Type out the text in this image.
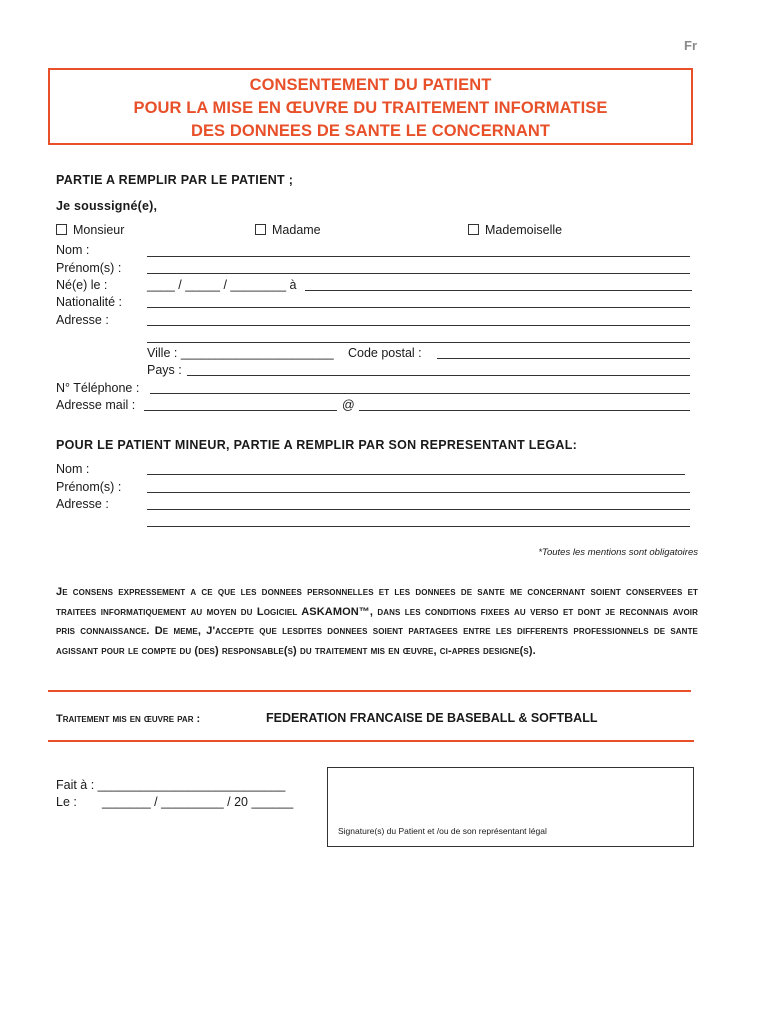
Fr
CONSENTEMENT DU PATIENT
POUR LA MISE EN ŒUVRE DU TRAITEMENT INFORMATISE
DES DONNEES DE SANTE LE CONCERNANT
PARTIE A REMPLIR PAR LE PATIENT ;
Je soussigné(e),
Monsieur	Madame	Mademoiselle
Nom :
Prénom(s) :
Né(e) le :	____ / _____ / ________ à
Nationalité :
Adresse :
Ville : ______________________ Code postal :
Pays :
N° Téléphone :
Adresse mail :	@
POUR LE PATIENT MINEUR, PARTIE A REMPLIR PAR SON REPRESENTANT LEGAL:
Nom :
Prénom(s) :
Adresse :
*Toutes les mentions sont obligatoires
Je consens expressement a ce que les donnees personnelles et les donnees de sante me concernant soient conservees et traitees informatiquement au moyen du Logiciel ASKAMON™, dans les conditions fixees au verso et dont je reconnais avoir pris connaissance. De meme, J'accepte que lesdites donnees soient partagees entre les differents professionnels de sante agissant pour le compte du (des) responsable(s) du traitement mis en œuvre, ci-apres designe(s).
Traitement mis en œuvre par :	FEDERATION FRANCAISE DE BASEBALL & SOFTBALL
Fait à : ___________________________
Le : _______ / _________ / 20 ______
Signature(s) du Patient et /ou de son représentant légal
